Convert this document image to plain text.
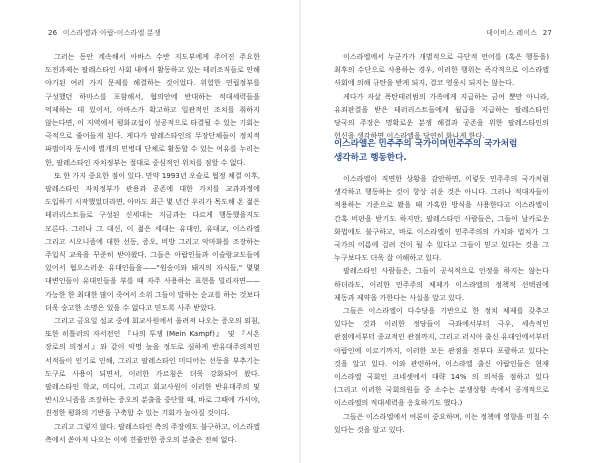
26 이스라엘과 아랍-이스라엘 분쟁

그러는 동안 계속해서 아바스 수반 지도부에게 주어진 주요한 도전과제는 팔레스타인 사회 내에서 활동하고 있는 테러조직들로 인해 야기된 여러 가지 문제를 해결하는 것이었다. 위험한 연립정부를 구성했던 하마스를 포함해서, 협의안에 반대하는 적대세력들을 억제하는 데 있어서, 아바스가 확고하고 일관적인 조치를 취하지 않는다면, 이 지역에서 평화교섭이 성공적으로 타결될 수 있는 기회는 극적으로 줄어들게 된다. 게다가 팔레스타인의 무장단체들이 정치적 파벌이자 동시에 별개의 민병대 단체로 활동할 수 있는 여유를 누리는 한, 팔레스타인 자치정부는 절대로 중심적인 위치를 점할 수 없다.

또 한 가지 중요한 점이 있다. 만약 1993년 오슬로 협정 체결 이후, 팔레스타인 자치정부가 관용과 공존에 대한 가치를 교과과정에 도입하기 시작했었더라면, 아마도 최근 몇 년간 우리가 목도해 온 젊은 테러리스트들로 구성된 신세대는 지금과는 다르게 행동했을지도 모른다. 그러나 그 대신, 이 젊은 세대는 유대인, 유대교, 이스라엘 그리고 시오니즘에 대한 선동, 증오, 비방 그리고 악마화를 조장하는 주입식 교육을 꾸준히 받아왔다. 그들은 아랍인들과 이슬람교도들에 있어서 협오스러운 유대인들을——"원숭이와 돼지의 자식들," 몇몇 대변인들이 유대인들을 부를 때 자주 사용하는 표현을 빌리자면——가능한 한 최대한 많이 죽여서 소위 그들이 말하는 순교를 하는 것보다 더욱 숭고한 소명은 있을 수 없다고 믿도록 사주 받았다.

그리고 금요일 설교 중에 회교사원에서 울려져 나오는 증오의 외침, 또한 히틀러의 자서전인 『나의 투쟁 (Mein Kampf)』 및 『시온 장로의 의정서』와 같이 악명 높을 정도로 심하게 반유대주의적인 서적들이 인기로 인해, 그리고 팔레스타인 미디어는 선동을 부추기는 도구로 사용이 되면서, 이러한 가르침은 더욱 강화되어 왔다. 팔레스타인 학교, 미디어, 그리고 회교사원이 이러한 반유대주의 및 반시오니즘을 조장하는 증오의 분출을 중단할 때, 바로 그때에 가서야, 진정한 평화의 기반을 구축할 수 있는 기회가 높아질 것이다.

그리고 그렇지 않다. 팔레스타인 측의 주장에도 불구하고, 이스라엘 측에서 쏟아져 나오는 이에 견줄만한 증오의 분출은 전혀 없다.

데이비스 레이스 27

이스라엘에서 누군가가 개별적으로 극단적 언어를 (혹은 행동을) 최후의 수단으로 사용하는 경우, 이러한 행위는 즉각적으로 이스라엘 사회에 의해 규탄을 받게 되지, 결코 영웅시 되지는 않는다.

게다가 자살 폭탄테러범의 가족에게 지급하는 금여 뿐만 아니라, 유죄판결을 받은 테러리스트들에게 월급을 지급하는 팔레스타인 당국의 주장은 명확로운 분쟁 해결과 공존을 위한 팔레스타인의 헌신을 생각하면 이스라엘을 당연히 화나게 한다.

이스라엘은 민주주의 국가이며민주주의 국가처럼 생각하고 행동한다.

이스라엘이 직면한 상황을 감안하면, 이렇듯 민주주의 국가처럼 생각하고 행동하는 것이 항상 쉬운 것은 아니다. 그러나 적대자들이 적용하는 기준으로 봤을 때 가혹한 방식을 사용한다고 이스라엘이 간혹 비판을 받기도 하지만, 팔레스타인 사람들은, 그들이 날카로운 화법에도 불구하고, 바로 이스라엘이 민주주의의 가치와 법치가 그 국가의 이름에 걸려 건이 될 수 있다고 그들이 믿고 있다는 것을 그 누구보다도 더욱 잘 이해하고 있다.

팔레스타인 사람들은, 그들이 공식적으로 인정을 하지는 않는다 하더라도, 이러한 민주주의 체제가 이스라엘의 정책적 선택권에 제동과 제약을 가한다는 사실을 알고 있다.

그들은 이스라엘이 다수당을 기반으로 한 정치 체제를 갖추고 있다는 것과 이러한 정당들이 극좌에서부터 극우, 세속적인 관점에서부터 종교적인 관점까지, 그리고 러시아 출신 유대인에서부터 아랍인에 이르기까지, 이러한 모든 관점을 전부다 포괄하고 있다는 것을 알고 있다. 이와 관련하여, 이스라엘 출신 아랍인들은 현재 이스라엘 국회인 크네셋에서 대략 14% 의 의석을 점하고 있다 (그리고 이러한 국회의원들 중 소수는 분쟁상황 속에서 공개적으로 이스라엘의 적대세력을 옹호하기도 했다.)

그들은 이스라엘에서 여론이 중요하며, 이는 정책에 영향을 미칠 수 있다는 것을 알고 있다.
